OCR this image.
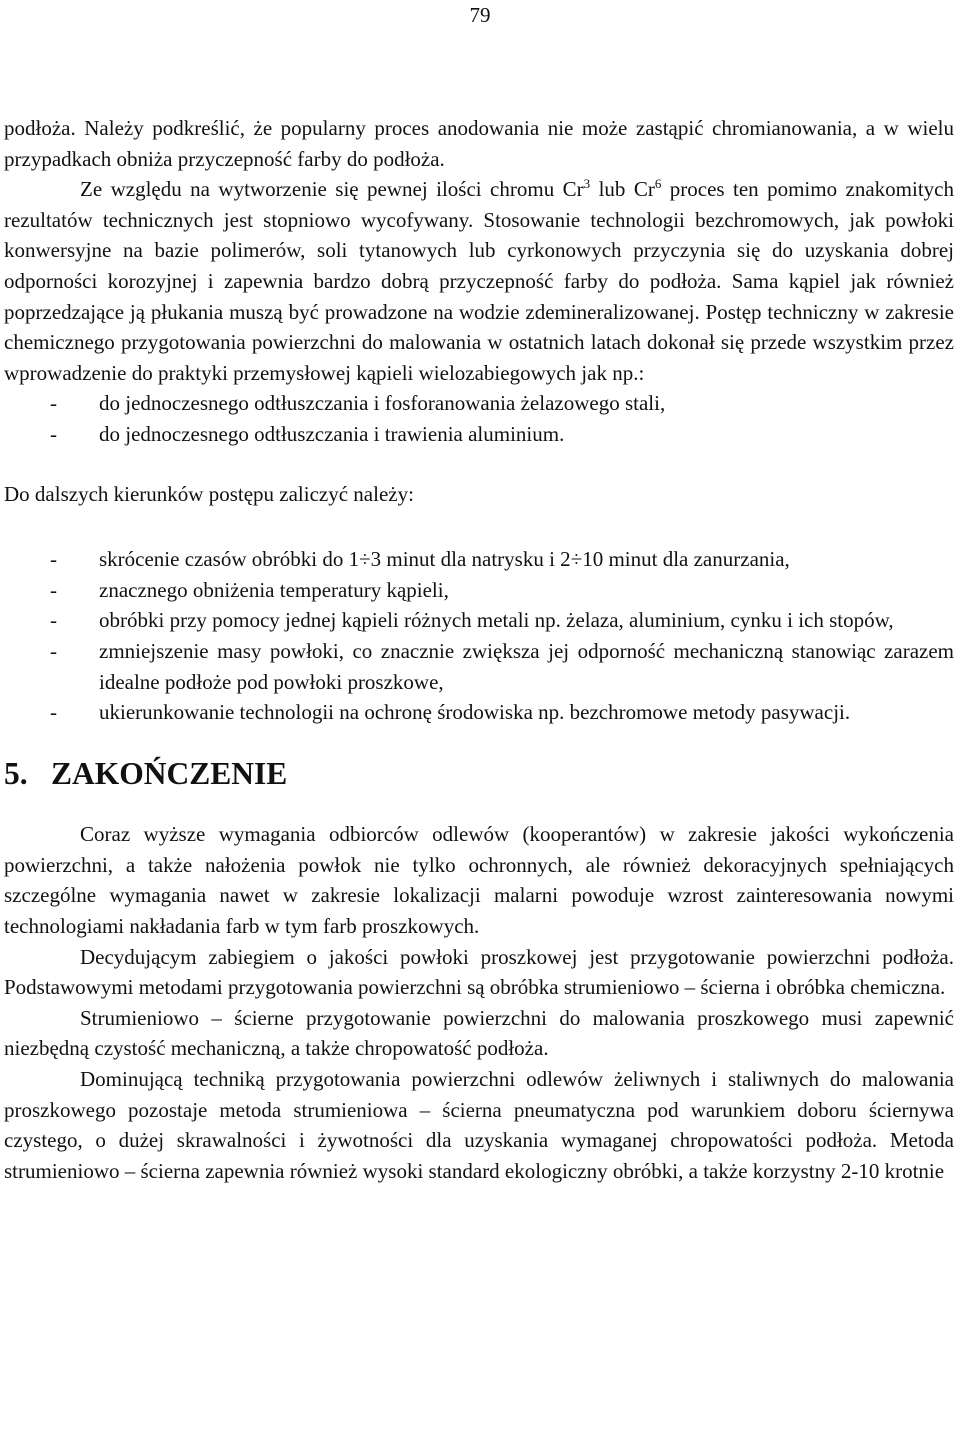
79

podłoża. Należy podkreślić, że popularny proces anodowania nie może zastąpić chromianowania, a w wielu przypadkach obniża przyczepność farby do podłoża.

Ze względu na wytworzenie się pewnej ilości chromu Cr$^3$ lub Cr$^6$ proces ten pomimo znakomitych rezultatów technicznych jest stopniowo wycofywany. Stosowanie technologii bezchromowych, jak powłoki konwersyjne na bazie polimerów, soli tytanowych lub cyrkonowych przyczynia się do uzyskania dobrej odporności korozyjnej i zapewnia bardzo dobrą przyczepność farby do podłoża. Sama kąpiel jak również poprzedzające ją płukania muszą być prowadzone na wodzie zdemineralizowanej. Postęp techniczny w zakresie chemicznego przygotowania powierzchni do malowania w ostatnich latach dokonał się przede wszystkim przez wprowadzenie do praktyki przemysłowej kąpieli wielozabiegowych jak np.:

- do jednoczesnego odtłuszczania i fosforanowania żelazowego stali,
- do jednoczesnego odtłuszczania i trawienia aluminium.

Do dalszych kierunków postępu zaliczyć należy:

- skrócenie czasów obróbki do 1÷3 minut dla natrysku i 2÷10 minut dla zanurzania,
- znacznego obniżenia temperatury kąpieli,
- obróbki przy pomocy jednej kąpieli różnych metali np. żelaza, aluminium, cynku i ich stopów,
- zmniejszenie masy powłoki, co znacznie zwiększa jej odporność mechaniczną stanowiąc zarazem idealne podłoże pod powłoki proszkowe,
- ukierunkowanie technologii na ochronę środowiska np. bezchromowe metody pasywacji.
5. ZAKOŃCZENIE

Coraz wyższe wymagania odbiorców odlewów (kooperantów) w zakresie jakości wykończenia powierzchni, a także nałożenia powłok nie tylko ochronnych, ale również dekoracyjnych spełniających szczególne wymagania nawet w zakresie lokalizacji malarni powoduje wzrost zainteresowania nowymi technologiami nakładania farb w tym farb proszkowych.

Decydującym zabiegiem o jakości powłoki proszkowej jest przygotowanie powierzchni podłoża. Podstawowymi metodami przygotowania powierzchni są obróbka strumieniowo – ścierna i obróbka chemiczna.

Strumieniowo – ścierne przygotowanie powierzchni do malowania proszkowego musi zapewnić niezbędną czystość mechaniczną, a także chropowatość podłoża.

Dominującą techniką przygotowania powierzchni odlewów żeliwnych i staliwnych do malowania proszkowego pozostaje metoda strumieniowa – ścierna pneumatyczna pod warunkiem doboru ściernywa czystego, o dużej skrawalności i żywotności dla uzyskania wymaganej chropowatości podłoża. Metoda strumieniowo – ścierna zapewnia również wysoki standard ekologiczny obróbki, a także korzystny 2-10 krotnie
